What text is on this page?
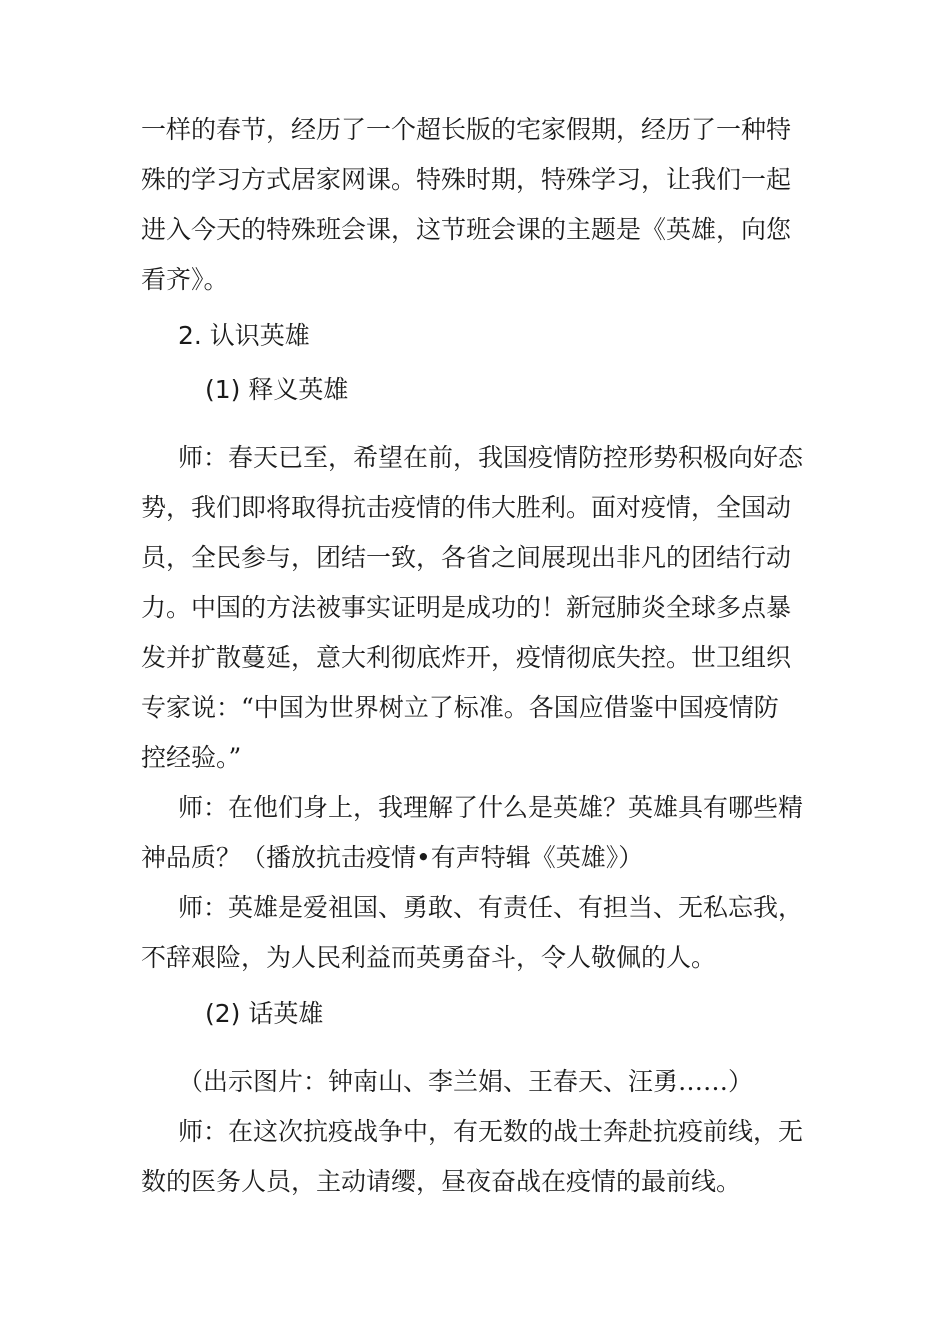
一样的春节，经历了一个超长版的宅家假期，经历了一种特

殊的学习方式居家网课。特殊时期，特殊学习，让我们一起

进入今天的特殊班会课，这节班会课的主题是《英雄，向您

看齐》。

2. 认识英雄

(1) 释义英雄

师：春天已至，希望在前，我国疫情防控形势积极向好态

势，我们即将取得抗击疫情的伟大胜利。面对疫情，全国动

员，全民参与，团结一致，各省之间展现出非凡的团结行动

力。中国的方法被事实证明是成功的！新冠肺炎全球多点暴

发并扩散蔓延，意大利彻底炸开，疫情彻底失控。世卫组织

专家说：“中国为世界树立了标准。各国应借鉴中国疫情防

控经验。”

师：在他们身上，我理解了什么是英雄？英雄具有哪些精

神品质？（播放抗击疫情•有声特辑《英雄》）

师：英雄是爱祖国、勇敢、有责任、有担当、无私忘我，

不辞艰险，为人民利益而英勇奋斗，令人敬佩的人。

(2) 话英雄

（出示图片：钟南山、李兰娟、王春天、汪勇……）

师：在这次抗疫战争中，有无数的战士奔赴抗疫前线，无

数的医务人员，主动请缨，昼夜奋战在疫情的最前线。
